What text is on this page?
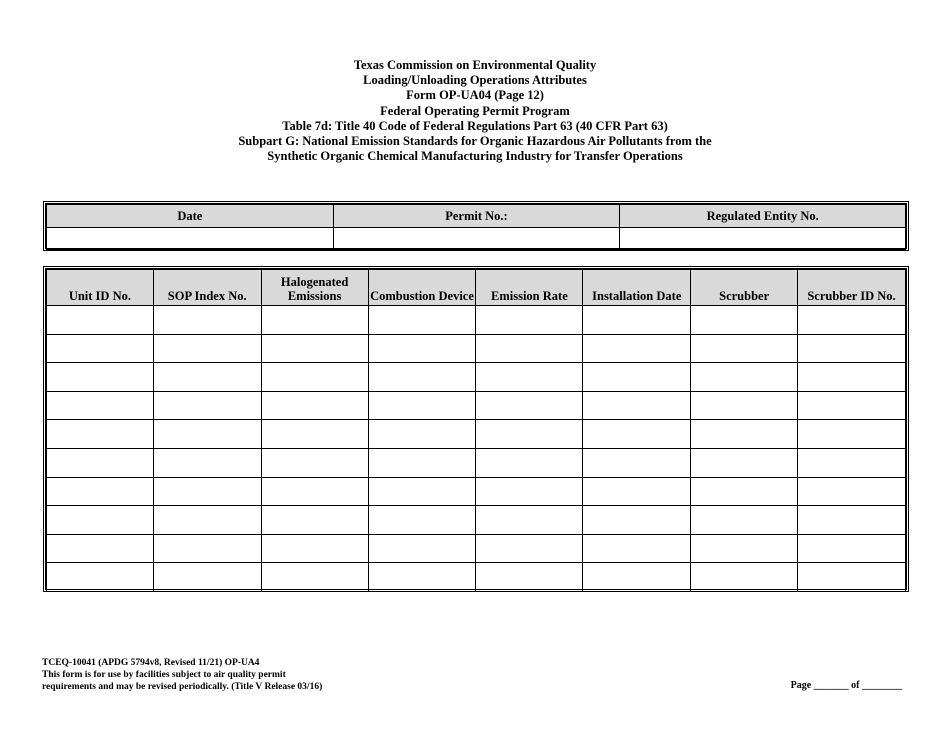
Texas Commission on Environmental Quality
Loading/Unloading Operations Attributes
Form OP-UA04 (Page 12)
Federal Operating Permit Program
Table 7d: Title 40 Code of Federal Regulations Part 63 (40 CFR Part 63)
Subpart G: National Emission Standards for Organic Hazardous Air Pollutants from the
Synthetic Organic Chemical Manufacturing Industry for Transfer Operations
Date	Permit No.:	Regulated Entity No.

Unit ID No.	SOP Index No.	Halogenated Emissions	Combustion Device	Emission Rate	Installation Date	Scrubber	Scrubber ID No.

TCEQ-10041 (APDG 5794v8, Revised 11/21) OP-UA4
This form is for use by facilities subject to air quality permit
requirements and may be revised periodically. (Title V Release 03/16)	Page _______ of ________
